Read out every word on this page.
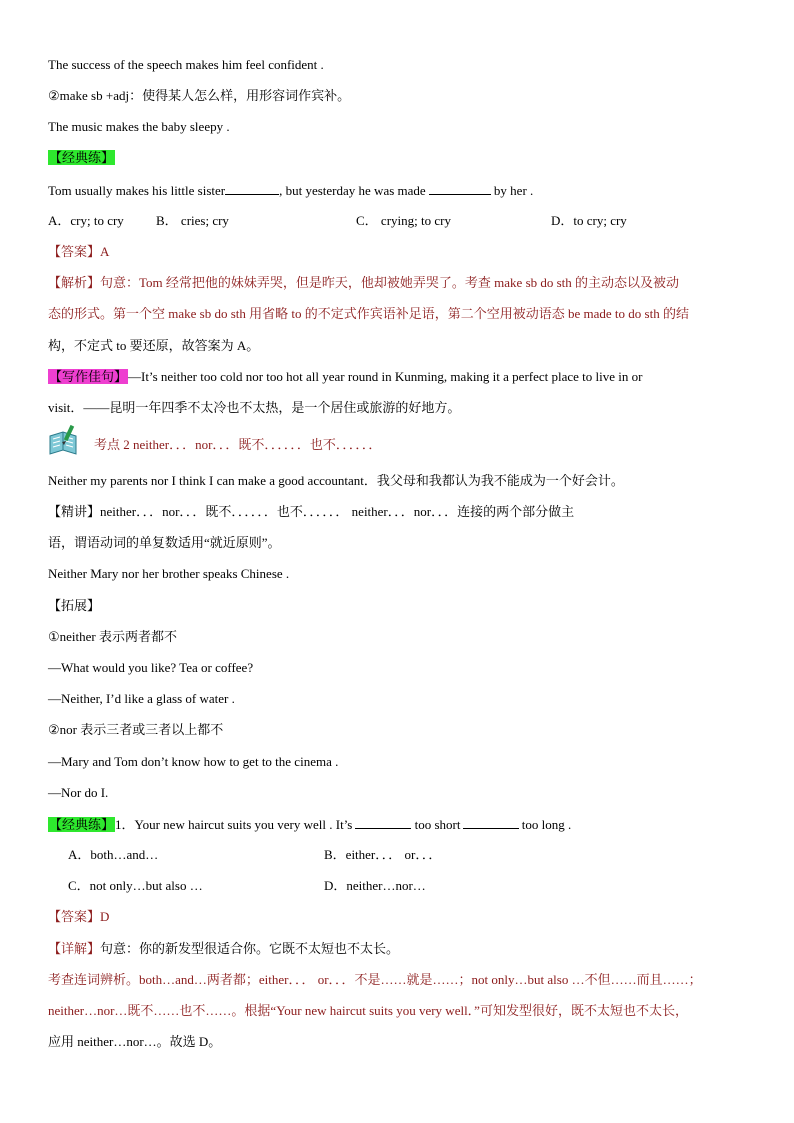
The success of the speech makes him feel confident .
②make sb +adj：使得某人怎么样，用形容词作宾补。
The music makes the baby sleepy .
【经典练】
Tom usually makes his little sister	, but yesterday he was made	by her .
A．cry; to cry B． cries; cry	C． crying; to cry	D．to cry; cry
【答案】A
【解析】句意：Tom 经常把他的妹妹弄哭，但是昨天，他却被她弄哭了。考查 make sb do sth 的主动态以及被动
态的形式。第一个空 make sb do sth 用省略 to 的不定式作宾语补足语，第二个空用被动语态 be made to do sth 的结
构，不定式 to 要还原，故答案为 A。
【写作佳句】—It’s neither too cold nor too hot all year round in Kunming, making it a perfect place to live in or
visit．——昆明一年四季不太冷也不太热，是一个居住或旅游的好地方。
考点 2 neither．．．nor．．．既不．．．．．．也不．．．．．．
Neither my parents nor I think I can make a good accountant．我父母和我都认为我不能成为一个好会计。
【精讲】neither．．．nor．．．既不．．．．．．也不．．．．．． neither．．．nor．．．连接的两个部分做主
语，谓语动词的单复数适用“就近原则”。
Neither Mary nor her brother speaks Chinese .
【拓展】
①neither 表示两者都不
—What would you like? Tea or coffee?
—Neither, I’d like a glass of water .
②nor 表示三者或三者以上都不
—Mary and Tom don’t know how to get to the cinema .
—Nor do I.
【经典练】1．Your new haircut suits you very well . It’s	too short	too long .
A．both…and…	B．either．．． or．．．
C．not only…but also …	D．neither…nor…
【答案】D
【详解】句意：你的新发型很适合你。它既不太短也不太长。
考查连词辨析。both…and…两者都；either．．． or．．．不是……就是……；not only…but also …不但……而且……；
neither…nor…既不……也不……。根据“Your new haircut suits you very well．”可知发型很好，既不太短也不太长，
应用 neither…nor…。故选 D。
